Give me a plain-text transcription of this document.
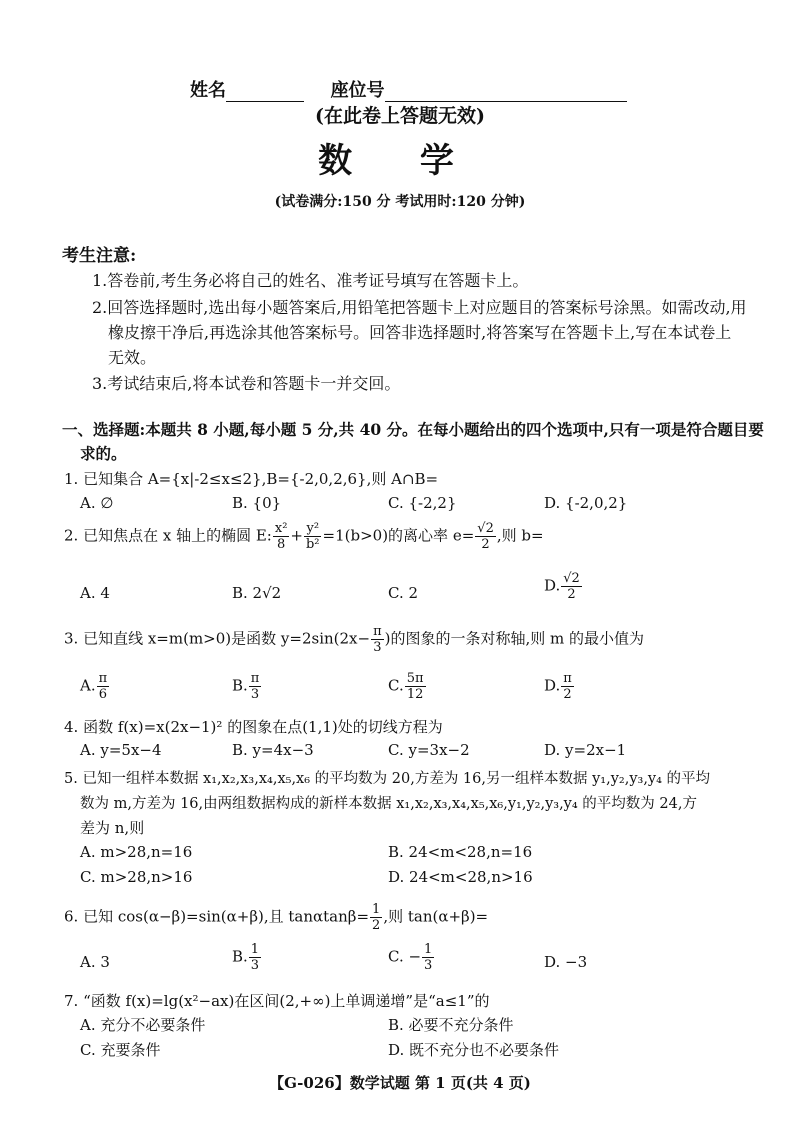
姓名	座位号
(在此卷上答题无效)
数 学
(试卷满分:150 分 考试用时:120 分钟)
考生注意:
1.答卷前,考生务必将自己的姓名、准考证号填写在答题卡上。
2.回答选择题时,选出每小题答案后,用铅笔把答题卡上对应题目的答案标号涂黑。如需改动,用
橡皮擦干净后,再选涂其他答案标号。回答非选择题时,将答案写在答题卡上,写在本试卷上
无效。
3.考试结束后,将本试卷和答题卡一并交回。
一、选择题:本题共 8 小题,每小题 5 分,共 40 分。在每小题给出的四个选项中,只有一项是符合题目要
求的。
1. 已知集合 A={x|-2≤x≤2},B={-2,0,2,6},则 A∩B=
A. ∅	B. {0}	C. {-2,2}	D. {-2,0,2}
2. 已知焦点在 x 轴上的椭圆 E: $\frac{\text{x²}}{8} + \frac{\text{y²}}{\text{b²}} =1(b>0)$的离心率 $e= \frac{√2}{2}$ ,则 b=
A. 4	B. 2√2	C. 2	D. $\frac{√2}{2}$
3. 已知直线 x=m(m>0)是函数 $y=2\sin(2x- \frac{\pi}{3}$ )的图象的一条对称轴,则 m 的最小值为
A. $\frac{\pi}{6}$	B. $\frac{\pi}{3}$	C. $\frac{5\pi}{12}$	D. $\frac{\pi}{2}$
4. 函数 f(x)=x(2x−1)² 的图象在点(1,1)处的切线方程为
A. y=5x−4	B. y=4x−3	C. y=3x−2	D. y=2x−1
5. 已知一组样本数据 x₁,x₂,x₃,x₄,x₅,x₆ 的平均数为 20,方差为 16,另一组样本数据 y₁,y₂,y₃,y₄ 的平均
数为 m,方差为 16,由两组数据构成的新样本数据 x₁,x₂,x₃,x₄,x₅,x₆,y₁,y₂,y₃,y₄ 的平均数为 24,方
差为 n,则
A. m>28,n=16	B. 24<m<28,n=16
C. m>28,n>16	D. 24<m<28,n>16
6. 已知 cos(α−β)=sin(α+β),且 $\tan\alpha\tan\beta= \frac{1}{2}$ ,则 tan(α+β)=
A. 3	B. $\frac{1}{3}$	C. − $\frac{1}{3}$	D. −3
7. “函数 f(x)=lg(x²−ax)在区间(2,+∞)上单调递增”是“a≤1”的
A. 充分不必要条件	B. 必要不充分条件
C. 充要条件	D. 既不充分也不必要条件
【G-026】数学试题 第 1 页(共 4 页)
